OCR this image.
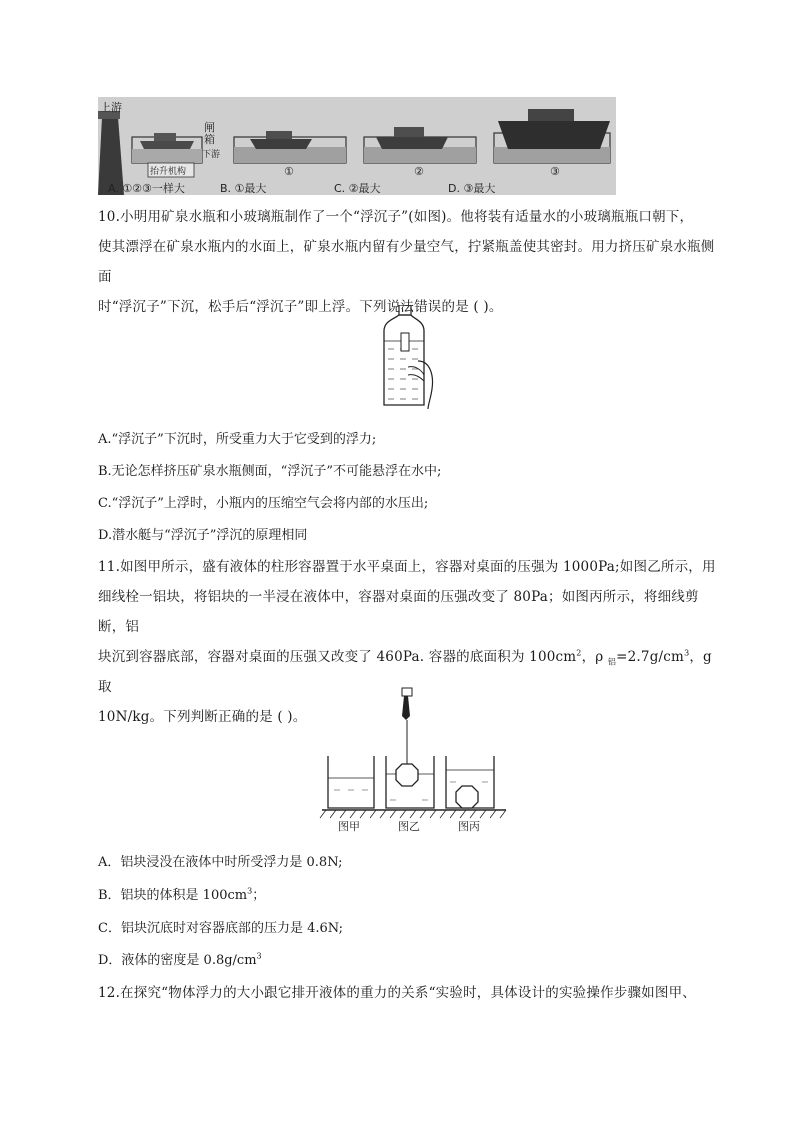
上游
闸
箱
抬升机构
下游
①	②	③
A. ①②③一样大	B. ①最大	C. ②最大	D. ③最大

10.小明用矿泉水瓶和小玻璃瓶制作了一个“浮沉子”(如图)。他将装有适量水的小玻璃瓶瓶口朝下，

使其漂浮在矿泉水瓶内的水面上，矿泉水瓶内留有少量空气，拧紧瓶盖使其密封。用力挤压矿泉水瓶侧面

时“浮沉子”下沉，松手后“浮沉子”即上浮。下列说法错误的是 ( )。

A.“浮沉子”下沉时，所受重力大于它受到的浮力;
B.无论怎样挤压矿泉水瓶侧面，“浮沉子”不可能悬浮在水中;
C.“浮沉子”上浮时，小瓶内的压缩空气会将内部的水压出;
D.潜水艇与“浮沉子”浮沉的原理相同

11.如图甲所示，盛有液体的柱形容器置于水平桌面上，容器对桌面的压强为 1000Pa;如图乙所示，用

细线栓一铝块，将铝块的一半浸在液体中，容器对桌面的压强改变了 80Pa；如图丙所示，将细线剪断，铝

块沉到容器底部，容器对桌面的压强又改变了 460Pa. 容器的底面积为 $100cm^2$，ρ $_铝=2.7g/cm^3$，g 取

10N/kg。下列判断正确的是 ( )。

图甲	图乙	图丙
A．铝块浸没在液体中时所受浮力是 0.8N;
B．铝块的体积是 $100cm^3$；
C．铝块沉底时对容器底部的压力是 4.6N;
D．液体的密度是 $0.8g/cm^3$

12.在探究“物体浮力的大小跟它排开液体的重力的关系“实验时，具体设计的实验操作步骤如图甲、
